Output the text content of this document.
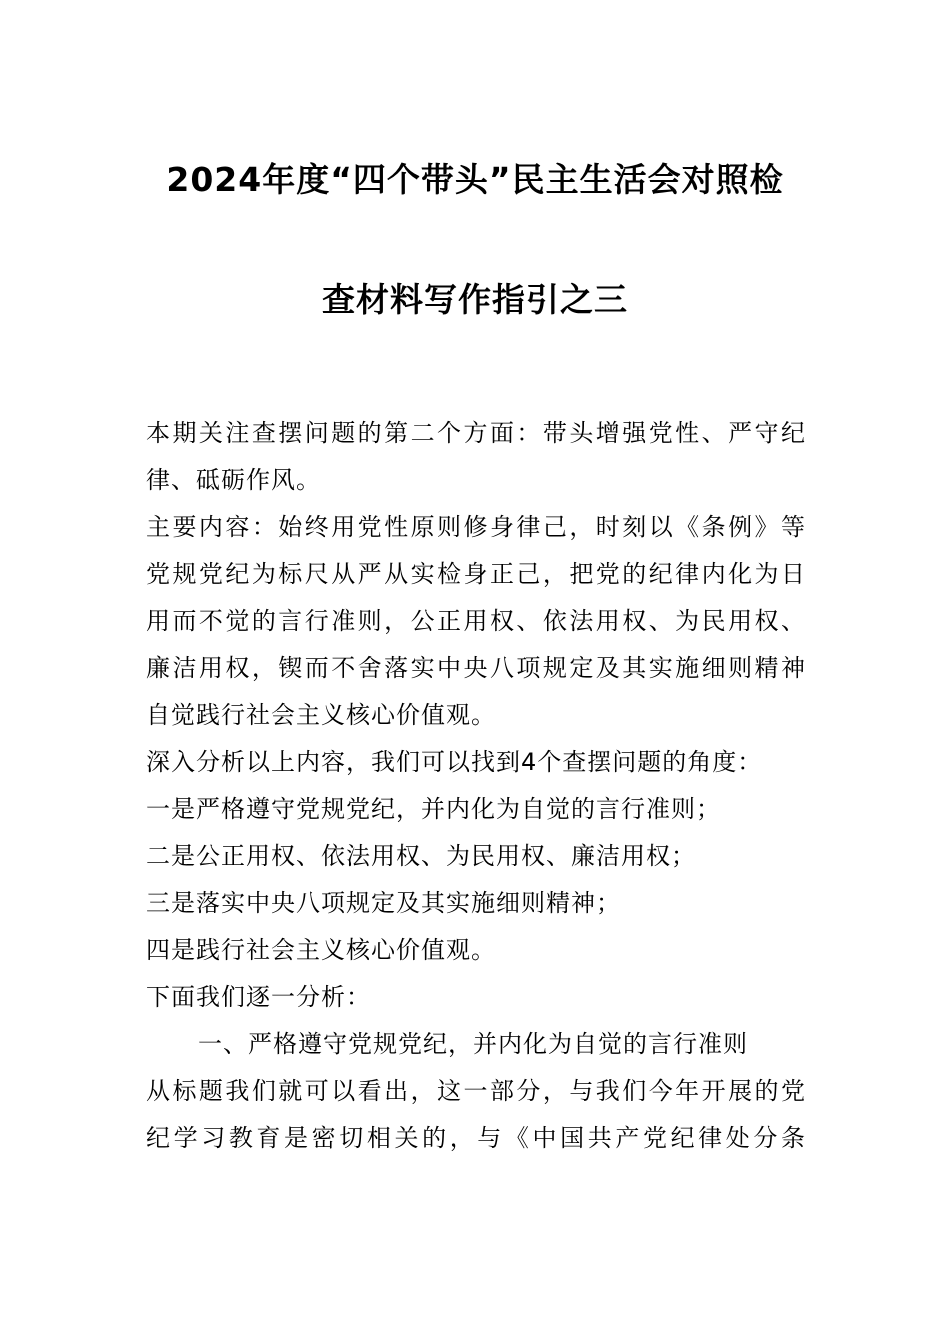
2024年度“四个带头”民主生活会对照检
查材料写作指引之三

本期关注查摆问题的第二个方面：带头增强党性、严守纪
律、砥砺作风。

主要内容：始终用党性原则修身律己，时刻以《条例》等
党规党纪为标尺从严从实检身正己，把党的纪律内化为日
用而不觉的言行准则，公正用权、依法用权、为民用权、
廉洁用权，锲而不舍落实中央八项规定及其实施细则精神
自觉践行社会主义核心价值观。

深入分析以上内容，我们可以找到4个查摆问题的角度：

一是严格遵守党规党纪，并内化为自觉的言行准则；

二是公正用权、依法用权、为民用权、廉洁用权；

三是落实中央八项规定及其实施细则精神；

四是践行社会主义核心价值观。

下面我们逐一分析：

一、严格遵守党规党纪，并内化为自觉的言行准则

从标题我们就可以看出，这一部分，与我们今年开展的党
纪学习教育是密切相关的，与《中国共产党纪律处分条
